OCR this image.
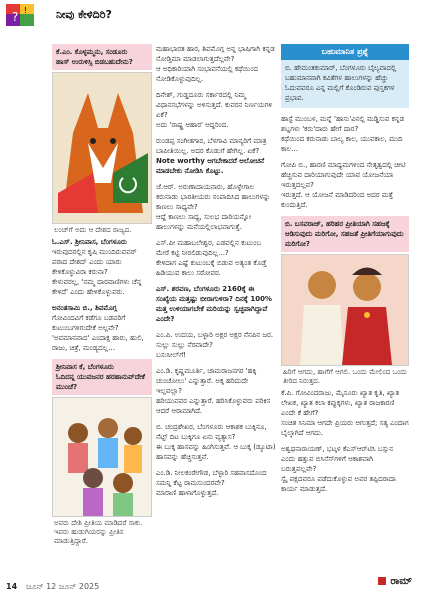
? !	ನೀವು ಕೇಳಿದಿರಿ?
ಕೆ.ಎಂ. ಕೊಳ್ಳಮ್ಮನು, ಸಂಡೂರು
ಹಾಸ್ ಉರುಳಿಸ್ಸಿ ಬಿಡಬಹುದೇನು?
ಲಂಚ್‌ಗೆ ಅದು ಆ ದೇಶದ ರಾಜ್ಯದ.

ಓ.ಎಸ್. ಶ್ರೀನಿವಾಸ, ಬೆಂಗಳೂರು

ಇರುವುದರಲ್ಲಿನ ಕೃಷಿ ಮುಂದಿರುವವರ್ ಪರಾದ ದೇಶದ್‌ ಎಂದು ಯಾರು ಕೇಳಿಕೊಳ್ಳುವಿರಾ ಕರುನಾ?

ಕೇಳುವರಲ್ಲ, 'ನಮ್ಮ ದಾರವಾಣಿಗಳು ಚೆನ್ನ ಕೇಳಿದೆ' ಎಂದು ಹೇಳಿಕೊಳ್ಳುವರು.

ಅನಂತಸಾಮಿ ಬಿ., ಶಿವಮೊಗ್ಗ

ಗೋವಿಂದವಿಗೆ ಕಡೆಗೂ ಬಡವರಿಗೆ ಕುಟುಂಬಗಳಿಗುದೇಕೆ ಅಲ್ಲವೇ?

'ಅವಮಾನವಾದ' ಎಂದಾಕ್ಷ ಹಾರು, ಹುಲಿ, ರಾಜು, ಚಿತ್ರೆ, ಮಂಡ್ಯದಲ್ಲ…

ಶ್ರೀನಿವಾಸ ಕೆ, ಬೆಂಗಳೂರು
ಓದಿದನ್ನ ಯುವಜನರ ಹರಹಾನುವ್‌ದೇಕೆ ಮುಂಚೆ?
ಅವರು ದೇಶಿ ಪ್ರೀತಿಯ ಮಾಡಿದರೆ ಸಾಕು. ಇವರು ಹುಡುಗಿಯರನ್ನು ಪ್ರೀತಿಸ ಮಾಡುತ್ತಿದ್ದಾರೆ.

ಮಹಾಭಾರತ ಹಾರ, ಶಿವಮೊಗ್ಗ ಅನ್ನ ಭಾಷಿಗಾಗಿ ಕನ್ನಡ ನೋಡ್ತಿಮಾ ಮಾಡಲಾಗುತ್ತದೆಲ್ಲವೇ?

ಆ ಅಧಿಕಾರಿಯಾಗಿ ಸಂಭಾವನೆಯಲ್ಲಿ ಕಥೆಯಿಂದ ನೋಡಿಕೊಳ್ಳುವುದಿಲ್ಲ.

ದಿನೇಶ್, ಗುಡ್ಡದೂರು ಸರ್ಕಾರದಲ್ಲಿ ನಿಮ್ಮ ವಿಧಾನಸಭೆಗಳನ್ನು ಅಳಿಸುತ್ತದೆ. ಕುವರನ ನಿರ್ಣಯಗಳಿ ಏಕೆ?

ಅದು 'ರಾಷ್ಟ್ರ ಆಹಾರ' ಆದ್ದರಿಂದ.

ರುಂಡಪ್ಪ ಸಂಗೀತಗಾರ, ಬೆಳಗಾವಿ ಮಾನ್ಯರಿಗೆ ಮಾತ್ರ ಬಾಪೀತಿಯಿಲ್ಲ. ಅದರ ಕೊಡುಗೆ ಹೇಗಿಲ್ಲ. ಏಕೆ?

Note worthy ಆಗಬೇಕಾದರೆ ಆಲೋಚನೆ ಮಾಡಬೇಕು ನೋಡಿಸಿ ಕೊಟ್ಟು.

ಜೆ.ಆರ್. ಅರುಣಾದಾಯನಾರು, ಹೊಳ್ಳೇಗಾಲ ಕರುನಾಡು ಭಾರತೀಯರು ಸಂಪಾದಿಸಿದ ಹಾಲುಗಳನ್ನು ಕಾಣಲು ಸಾಧ್ಯವೇ?

ಆದ್ದೆ ಕಾಣಲು ಸಾಧ್ಯ, ಸುಲಭ ದಾರಿಯನ್ನೋ ಹಾಲುಗಳನ್ನು ಮನೆಯಲ್ಲಿಲಾಭವಾಗುತ್ತೆ.

ಎಸ್.ಪೀ ಮಹಾಬಲೇಶ್ವರ, ಎಡವಲ್ಲಿನ ಕುಟುಂಬ ಮೇರೆ ಕಟ್ಟಿ ನೀರಲಿಡುವುದಿಲ್ಲ…?

ಕೇಳಿದಾಗ ಎಷ್ಟೆ ಕುಟುಂಬಕ್ಕೆ ಬಿಡುವ ಅತ್ಯಂತ ಕೊಡ್ತೆ ಹಿಡಿಯುವ ಕಾಲು ಸರೋವರ.

ಎಸ್. ಶರವಣ, ಬೆಂಗಳೂರು 2160ಕ್ಕೆ ಈ ಸಂಖ್ಯೆಯ ಮತ್ತಷ್ಟು ಬೀರಾಗುಳಿರಾ? ದಿನಕ್ಕೆ 100% ಮತ್ತ ಉಳಿಯಾಗಬೇಕೆ ಮರಿಯನ್ನು ಸ್ವಚ್ಛವಾಗಿದ್ದಾವೆ ಎಂದೇ?

ಎಂ.ಪಿ. ಉದಯ, ಬಳ್ಳಾರಿ ಅಕ್ಷರ ಅಕ್ಷರ ನೆನಪಿನ ಜರ. ಸುಲ್ಲು ಸುಲ್ಲು ನೆರವಾದೇ?

ಬಸುಸೀಲ್‌ಗೆ!

ಎಂ.ಡಿ. ಕೃಷ್ಣಮೂರ್ತಿ, ಚಾಮರಾಜನಗರ 'ಹಕ್ಕಿ ಚುಂಚೋಲು' ಎನ್ನುತ್ತಾರೆ. ಅಕ್ಕ ಹರಿದುದೇ ಇಲ್ಲವಲ್ಲಾ?

ಹರಿಯುವವರ ಎನ್ನುತ್ತಾರೆ. ಹರಿಸಿಕೊಳ್ಳುವರು ಪರಿಕಿಸ ಆದರೆ ಆರಾಮಾಗಿದೆ.

ಬಿ. ಚಂದ್ರಶೇಖರ, ಬೆಂಗಳೂರು ಆಕಾಶಕ ಬುಕ್ಕಿನೂ, ನೆಟ್ಟ್ ದಿಟ ಬುಕ್ಕಿಗೂ ಏನು ವ್ಯತ್ಯಾಸ?

ಈ ಬುಕ್ಕ ಹಾಸವನ್ನು ಹಿಂಗಿಸುತ್ತವೆ. ಆ ಬುಕ್ಕ (ಡ್ಯೂಟಾ) ಹಾಸವನ್ನು ಹೆಚ್ಚಿಸುತ್ತವೆ.

ಎಂ.ಡಿ. ನೀಲಕಂಠೇಗೌಡ, ಬೆಳ್ಳಾರಿ ಸಹವಾಸದೊಂದ ಸಮನ್ನಿ ಕೆಟ್ಟ ರಾಮಸುಂದರವೇ?

ಮಾರಾಣಿ ಹಾಳಾಗೊಳ್ಳುತ್ತದೆ.

ಬಹುಮಾನಿತ ಪ್ರಶ್ನೆ

ಬಿ. ಹೇಮಂತಕುಮಾರ್, ಬೆಂಗಳೂರು ಬೈಲ್ಯವಾದಲ್ಲಿ ಬಹುಮಾನವಾಗಿ ಕವಿತೆಗಳ ಹಾಲುಗಳನ್ನು ಹೆಚ್ಚು ಓದುವವರೂ ಎನ್ನ ಮಲ್ಲಿಗೆ ಕೊಂಡಿರುವ ಪುಸ್ತಕಗಳ ಪ್ರಭಾವ.

ಹಾಸ್ಟೆ ಮುಂಬಳ, ಮನ್ನೆ 'ಹಾಸು'ವಿನಲ್ಲಿ ಮಡ್ಡಿಸುವ ಕನ್ನಡ ಶಬ್ದಗಳು 'ಕರು'ದಾರು ಹೇಗೆ ದಾರ?

ಕಥೆಯಿಂದ ಕರುನಾಡು ಬಾಲ್ಯ ಕಾಲ, ಯುವಕಾಲ, ಮುದಿ ಕಾಲ…

ಗೋಪಿ ಬಿ., ಹಾರಣಿ ಮಾಧ್ಯಮಗಳಿಂದ ನೇತೃತ್ವದಲ್ಲಿ ಚೀಟಿ ಹೆಚ್ಚಿಸುವ ದಾರಿಯಾಗುವುದೇ ಯಾವ ಯೋಜನೆಯಾ ಇರುತ್ತದಲ್ಲವ?

ಇರುತ್ತದೆ. ಆ ಯೋಜನೆ ಮಾಡಿದರಿಂದ ಅದರ ಮತ್ತೆ ಕುಂದುತ್ತಿದೆ.

ಬಿ. ಬಸವರಾಜ್, ಹರಿಹರ ಪ್ರೀತಿಯಾಗಿ ಸಹಜಕ್ಕೆ ಆಡಿಸುವುದು ಮರಿಗೋ, ಸಹಜತೆ ಪ್ರೀತಿಗೆಯಾಗುವುದು ಮರಿಗೋ?
ಹಿರಿಗೆ ಆಗದು, ಹಾಗೆಗೆ ಆಗಲಿ. ಒಂದು ಮೇಲಿಂದ ಒಂದು ತೀರಿದ ನಿರುತ್ತದ.

ಕೆ.ಪಿ. ಗೋವಿಂದರಾಜು, ಮೈಸೂರು ಖ್ಯಾತ ಕೃತಿ, ಖ್ಯಾತ ಲೇಖಕ, ಖ್ಯಾತ ಕಲಾ ಕಪ್ಪುಕ್ಕಗಳು, ಖ್ಯಾತ ರಾಜಕಾರಣಿ ಎಂದೇ ಕೆ ಹೇಗೆ?

ಸಂಚಿತ ಸಿನಿಮಾ ಆಗದೇ ಪ್ರಿಯರು ಆಗುತ್ತದೆ; ಸತ್ಯ ಎಂದಾಗ ಬೈಲ್ಕಾಗಿದೆ ಆಗದು.

ಅಶ್ವಥನಾರಾಯಣ್, ಭಟ್ಕಳ ಕೆಎಸ್‌ಆರ್‌ಟಿಸಿ ಬಸ್ಸುನ ಎಂದು ಹತ್ತುವ ಬಿಸಿನೆಸ್‌ಗಳಿಗೆ ಆಕಾಶವಾಗಿ ಬರುತ್ತವಲ್ಲವೇ?

ಸ್ವೈ ಪಕ್ಷದವರೂ ಪಡೆದುಕೊಳ್ಳುವ ಅವರ ತಪ್ಪಿದರಾದಾ ಕಾರ್ಯ ಮಾಡುತ್ತದೆ.

14 ಜೂನ್ 12 ಜೂನ್ 2025	ರಾಮ್
